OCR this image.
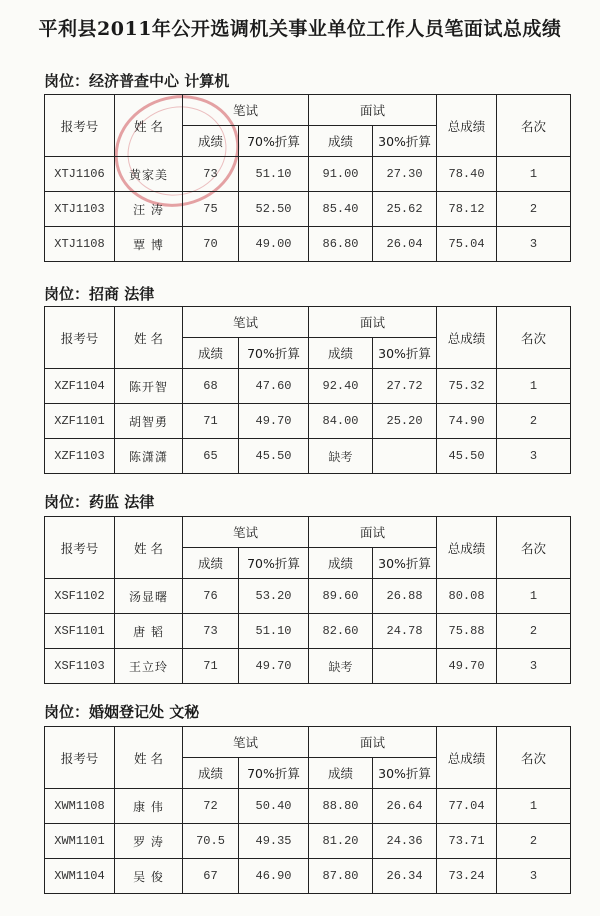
平利县2011年公开选调机关事业单位工作人员笔面试总成绩
岗位：经济普查中心 计算机
报考号	姓 名	笔试		面试		总成绩	名次
		成绩	70%折算	成绩	30%折算		
XTJ1106	黄家美	73	51.10	91.00	27.30	78.40	1
XTJ1103	汪 涛	75	52.50	85.40	25.62	78.12	2
XTJ1108	覃 博	70	49.00	86.80	26.04	75.04	3
岗位：招商 法律
报考号	姓 名	笔试		面试		总成绩	名次
		成绩	70%折算	成绩	30%折算		
XZF1104	陈开智	68	47.60	92.40	27.72	75.32	1
XZF1101	胡智勇	71	49.70	84.00	25.20	74.90	2
XZF1103	陈潇潇	65	45.50	缺考		45.50	3
岗位：药监 法律
报考号	姓 名	笔试		面试		总成绩	名次
		成绩	70%折算	成绩	30%折算		
XSF1102	汤显曙	76	53.20	89.60	26.88	80.08	1
XSF1101	唐 韬	73	51.10	82.60	24.78	75.88	2
XSF1103	王立玲	71	49.70	缺考		49.70	3
岗位：婚姻登记处 文秘
报考号	姓 名	笔试		面试		总成绩	名次
		成绩	70%折算	成绩	30%折算		
XWM1108	康 伟	72	50.40	88.80	26.64	77.04	1
XWM1101	罗 涛	70.5	49.35	81.20	24.36	73.71	2
XWM1104	吴 俊	67	46.90	87.80	26.34	73.24	3
